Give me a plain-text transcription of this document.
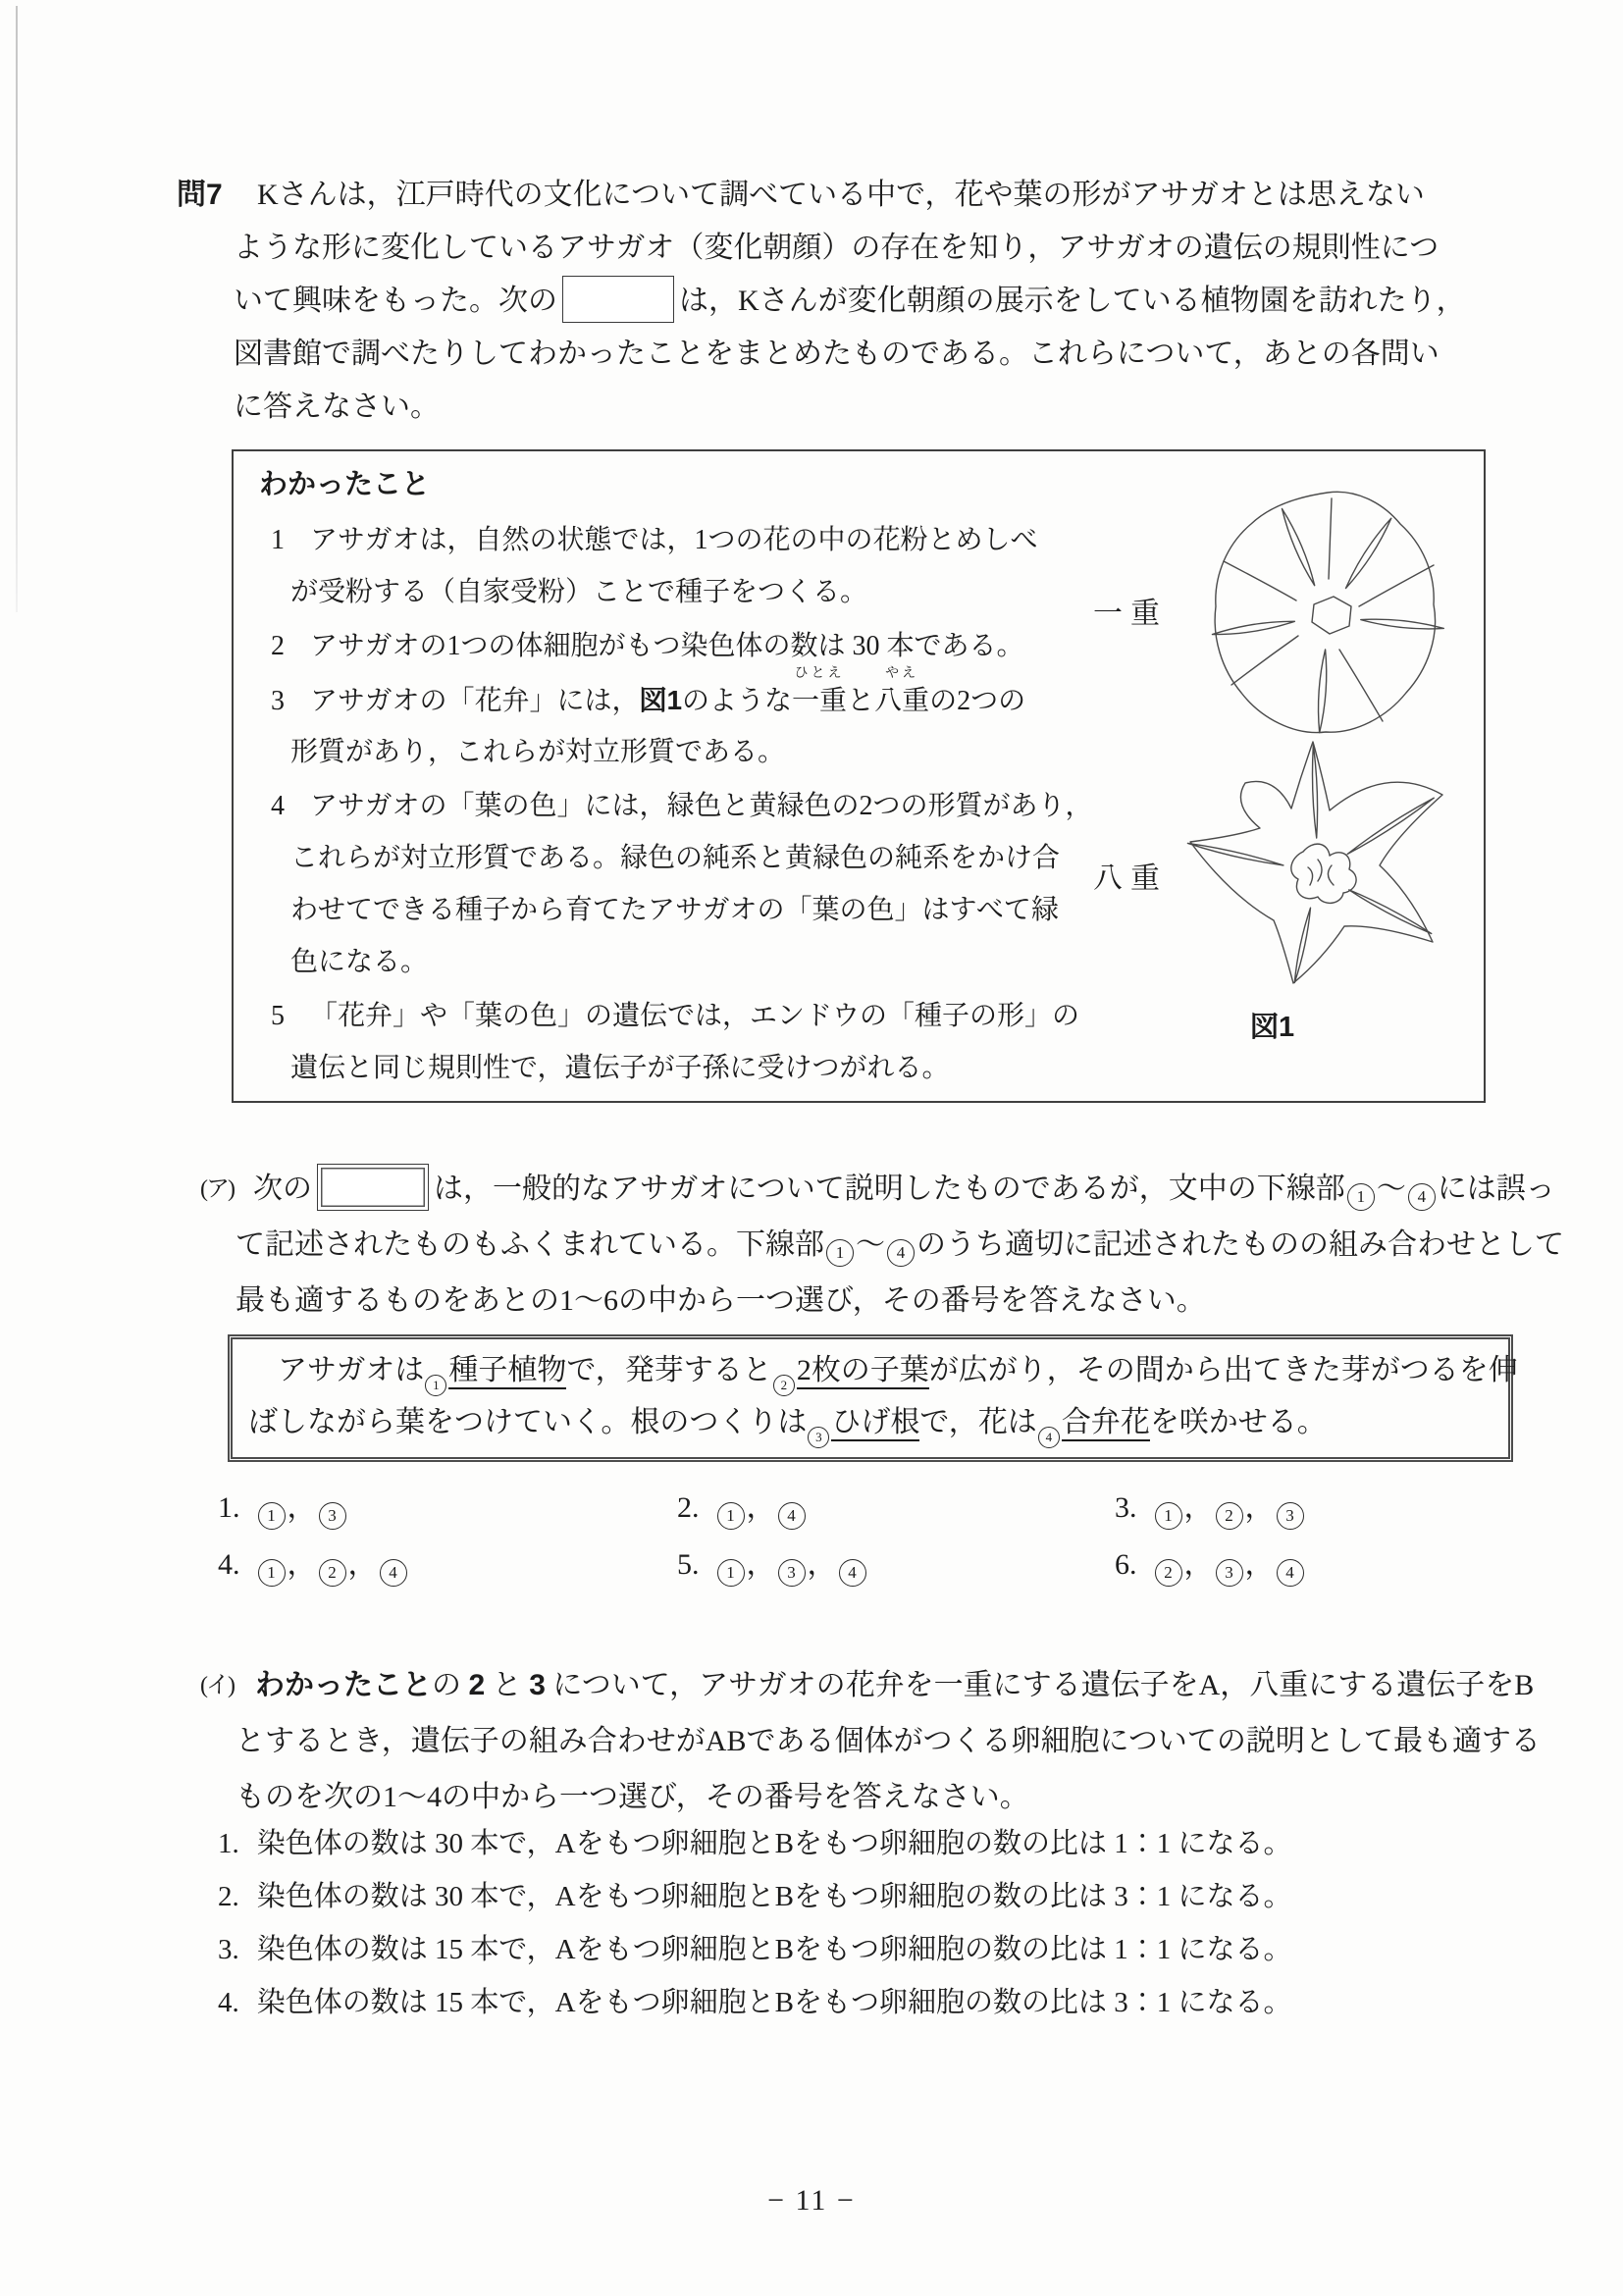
問7	Kさんは，江戸時代の文化について調べている中で，花や葉の形がアサガオとは思えない
ような形に変化しているアサガオ（変化朝顔）の存在を知り，アサガオの遺伝の規則性につ
いて興味をもった。次の	は，Kさんが変化朝顔の展示をしている植物園を訪れたり，
図書館で調べたりしてわかったことをまとめたものである。これらについて，あとの各問い
に答えなさい。
わかったこと
1 アサガオは，自然の状態では，1つの花の中の花粉とめしべ
が受粉する（自家受粉）ことで種子をつくる。
2 アサガオの1つの体細胞がもつ染色体の数は 30 本である。
3 アサガオの「花弁」には，図1のような
ひとえ
一重と
やえ
八重の2つの
形質があり，これらが対立形質である。
4 アサガオの「葉の色」には，緑色と黄緑色の2つの形質があり，
これらが対立形質である。緑色の純系と黄緑色の純系をかけ合
わせてできる種子から育てたアサガオの「葉の色」はすべて緑
色になる。
5 「花弁」や「葉の色」の遺伝では，エンドウの「種子の形」の
遺伝と同じ規則性で，遺伝子が子孫に受けつがれる。
一重
八重
図1
(ア) 次の	は，一般的なアサガオについて説明したものであるが，文中の下線部 1 ～ 4 には誤っ
て記述されたものもふくまれている。下線部 1 ～ 4 のうち適切に記述されたものの組み合わせとして
最も適するものをあとの1～6の中から一つ選び，その番号を答えなさい。
　アサガオは 1 種子植物で，発芽すると 2 2枚の子葉が広がり，その間から出てきた芽がつるを伸
ばしながら葉をつけていく。根のつくりは 3 ひげ根で，花は 4 合弁花を咲かせる。
1. 1 ， 3	2. 1 ， 4	3. 1 ， 2 ， 3
4. 1 ， 2 ， 4	5. 1 ， 3 ， 4	6. 2 ， 3 ， 4
(イ) わかったことの 2 と 3 について，アサガオの花弁を一重にする遺伝子をA，八重にする遺伝子をB
とするとき，遺伝子の組み合わせがABである個体がつくる卵細胞についての説明として最も適する
ものを次の1～4の中から一つ選び，その番号を答えなさい。
1. 染色体の数は 30 本で，Aをもつ卵細胞とBをもつ卵細胞の数の比は 1：1 になる。
2. 染色体の数は 30 本で，Aをもつ卵細胞とBをもつ卵細胞の数の比は 3：1 になる。
3. 染色体の数は 15 本で，Aをもつ卵細胞とBをもつ卵細胞の数の比は 1：1 になる。
4. 染色体の数は 15 本で，Aをもつ卵細胞とBをもつ卵細胞の数の比は 3：1 になる。
− 11 −
